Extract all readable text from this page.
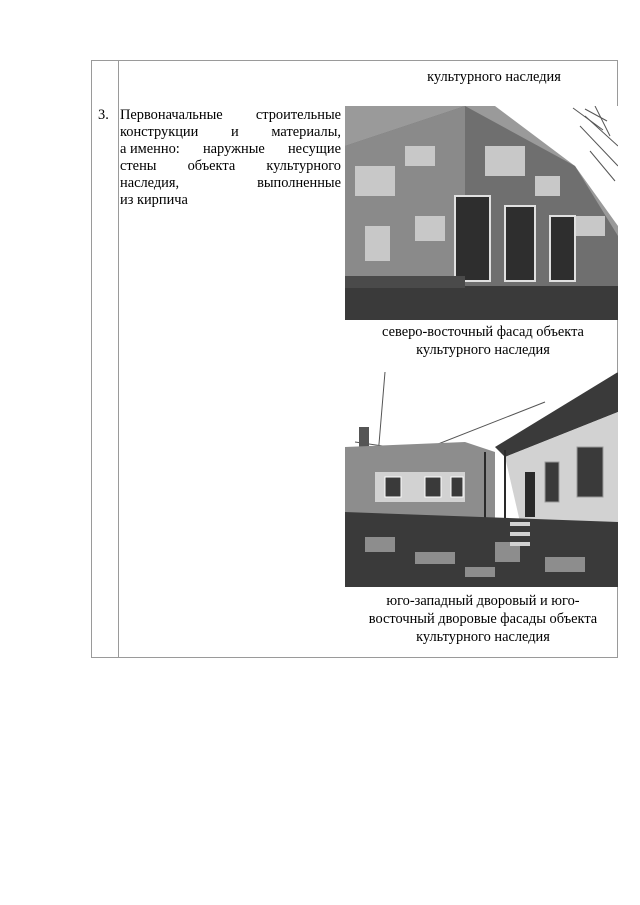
культурного наследия
3. Первоначальные строительные
конструкции и материалы,
а именно: наружные несущие
стены объекта культурного
наследия,	выполненные
из кирпича
северо-восточный фасад объекта
культурного наследия
юго-западный дворовый и юго-
восточный дворовые фасады объекта
культурного наследия
